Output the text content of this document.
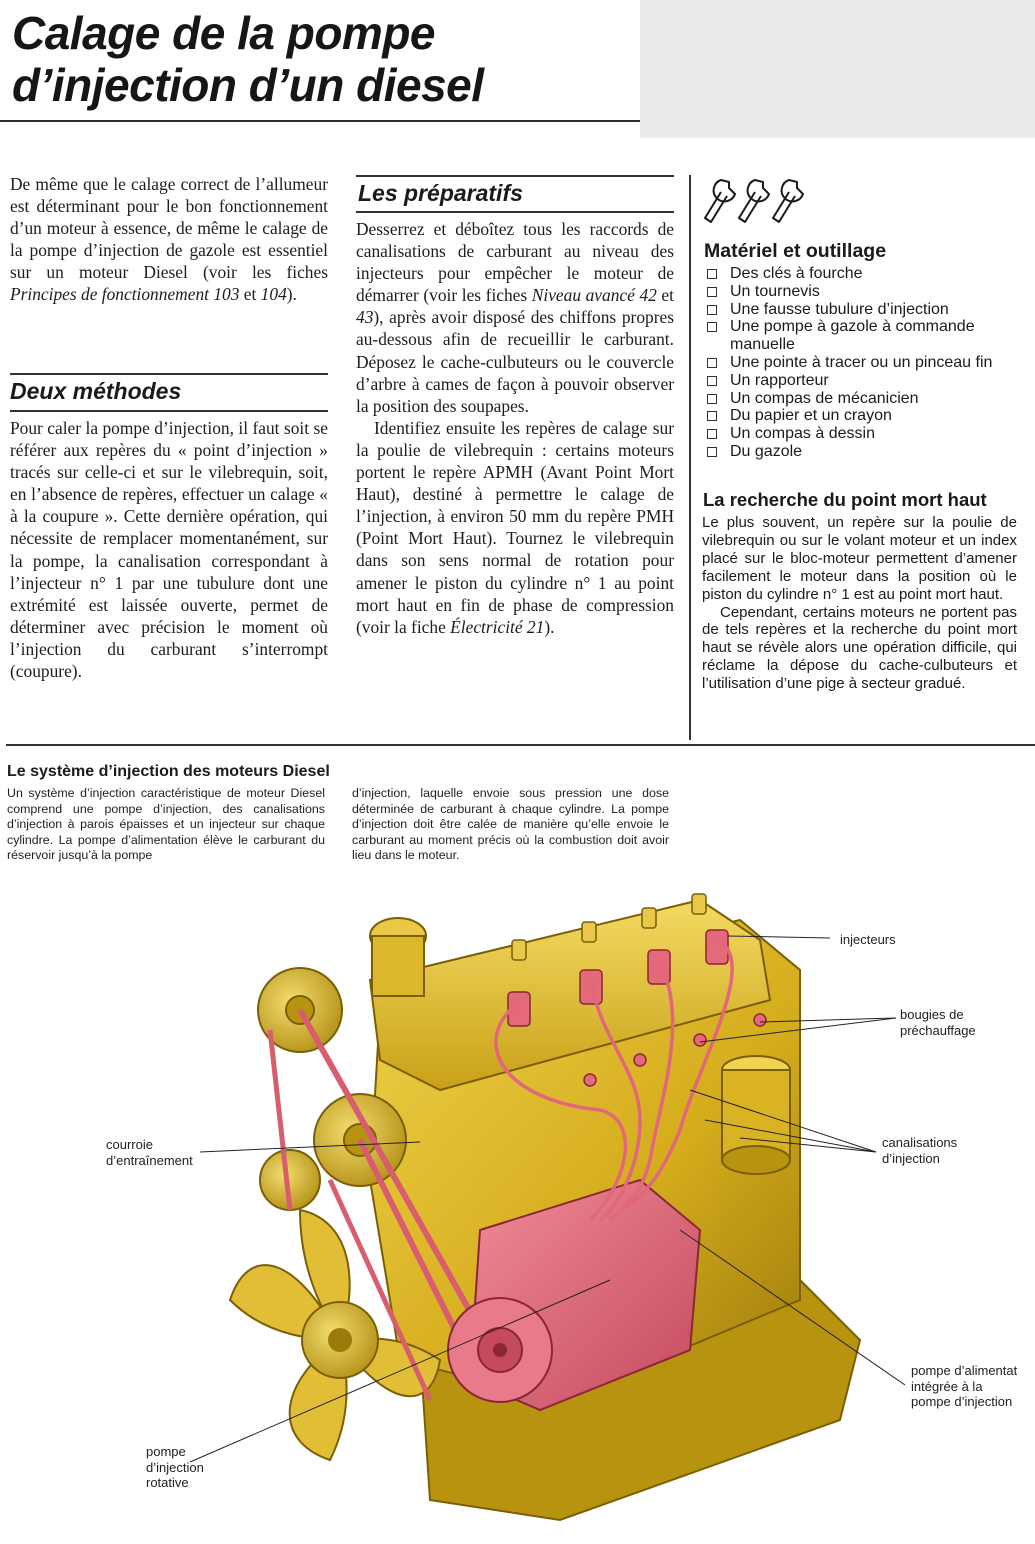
Calage de la pompe
d’injection d’un diesel

De même que le calage correct de l’allumeur est déterminant pour le bon fonctionnement d’un moteur à essence, de même le calage de la pompe d’injection de gazole est essentiel sur un moteur Diesel (voir les fiches Principes de fonctionnement 103 et 104).

Deux méthodes

Pour caler la pompe d’injection, il faut soit se référer aux repères du « point d’injection » tracés sur celle-ci et sur le vilebrequin, soit, en l’absence de repères, effectuer un calage « à la coupure ». Cette dernière opération, qui nécessite de remplacer momentanément, sur la pompe, la canalisation correspondant à l’injecteur n° 1 par une tubulure dont une extrémité est laissée ouverte, permet de déterminer avec précision le moment où l’injection du carburant s’interrompt (coupure).

Les préparatifs

Desserrez et déboîtez tous les raccords de canalisations de carburant au niveau des injecteurs pour empêcher le moteur de démarrer (voir les fiches Niveau avancé 42 et 43), après avoir disposé des chiffons propres au-dessous afin de recueillir le carburant. Déposez le cache-culbuteurs ou le couvercle d’arbre à cames de façon à pouvoir observer la position des soupapes.

Identifiez ensuite les repères de calage sur la poulie de vilebrequin : certains moteurs portent le repère APMH (Avant Point Mort Haut), destiné à permettre le calage de l’injection, à environ 50 mm du repère PMH (Point Mort Haut). Tournez le vilebrequin dans son sens normal de rotation pour amener le piston du cylindre n° 1 au point mort haut en fin de phase de compression (voir la fiche Électricité 21).

Matériel et outillage
Des clés à fourche
Un tournevis
Une fausse tubulure d’injection
Une pompe à gazole à commande manuelle
Une pointe à tracer ou un pinceau fin
Un rapporteur
Un compas de mécanicien
Du papier et un crayon
Un compas à dessin
Du gazole
La recherche du point mort haut

Le plus souvent, un repère sur la poulie de vilebrequin ou sur le volant moteur et un index placé sur le bloc-moteur permettent d’amener facilement le moteur dans la position où le piston du cylindre n° 1 est au point mort haut.

Cependant, certains moteurs ne portent pas de tels repères et la recherche du point mort haut se révèle alors une opération difficile, qui réclame la dépose du cache-culbuteurs et l’utilisation d’une pige à secteur gradué.

Le système d’injection des moteurs Diesel
Un système d’injection caractéristique de moteur Diesel comprend une pompe d’injection, des canalisations d’injection à parois épaisses et un injecteur sur chaque cylindre. La pompe d’alimentation élève le carburant du réservoir jusqu’à la pompe
d’injection, laquelle envoie sous pression une dose déterminée de carburant à chaque cylindre. La pompe d’injection doit être calée de manière qu’elle envoie le carburant au moment précis où la combustion doit avoir lieu dans le moteur.
injecteurs
bougies de
préchauffage
courroie
d’entraînement
canalisations
d’injection
pompe d’alimentat
intégrée à la
pompe d’injection
pompe
d’injection
rotative
